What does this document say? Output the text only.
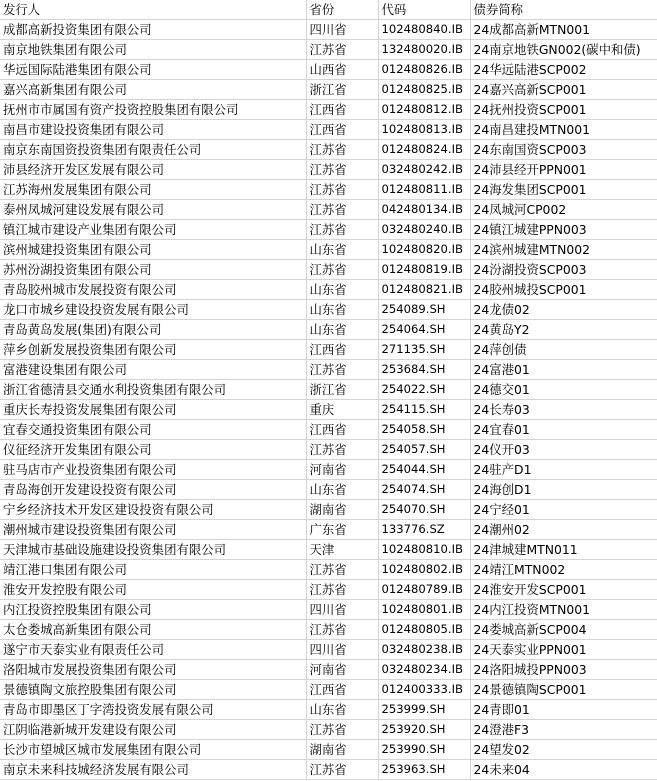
发行人	省份	代码	债券简称
成都高新投资集团有限公司	四川省	102480840.IB	24成都高新MTN001
南京地铁集团有限公司	江苏省	132480020.IB	24南京地铁GN002(碳中和债)
华远国际陆港集团有限公司	山西省	012480826.IB	24华远陆港SCP002
嘉兴高新集团有限公司	浙江省	012480825.IB	24嘉兴高新SCP001
抚州市市属国有资产投资控股集团有限公司	江西省	012480812.IB	24抚州投资SCP001
南昌市建设投资集团有限公司	江西省	102480813.IB	24南昌建投MTN001
南京东南国资投资集团有限责任公司	江苏省	012480824.IB	24东南国资SCP003
沛县经济开发区发展有限公司	江苏省	032480242.IB	24沛县经开PPN001
江苏海州发展集团有限公司	江苏省	012480811.IB	24海发集团SCP001
泰州凤城河建设发展有限公司	江苏省	042480134.IB	24凤城河CP002
镇江城市建设产业集团有限公司	江苏省	032480240.IB	24镇江城建PPN003
滨州城建投资集团有限公司	山东省	102480820.IB	24滨州城建MTN002
苏州汾湖投资集团有限公司	江苏省	012480819.IB	24汾湖投资SCP003
青岛胶州城市发展投资有限公司	山东省	012480821.IB	24胶州城投SCP001
龙口市城乡建设投资发展有限公司	山东省	254089.SH	24龙债02
青岛黄岛发展(集团)有限公司	山东省	254064.SH	24黄岛Y2
萍乡创新发展投资集团有限公司	江西省	271135.SH	24萍创债
富港建设集团有限公司	江苏省	253684.SH	24富港01
浙江省德清县交通水利投资集团有限公司	浙江省	254022.SH	24德交01
重庆长寿投资发展集团有限公司	重庆	254115.SH	24长寿03
宜春交通投资集团有限公司	江西省	254058.SH	24宜春01
仪征经济开发集团有限公司	江苏省	254057.SH	24仪开03
驻马店市产业投资集团有限公司	河南省	254044.SH	24驻产D1
青岛海创开发建设投资有限公司	山东省	254074.SH	24海创D1
宁乡经济技术开发区建设投资有限公司	湖南省	254070.SH	24宁经01
潮州城市建设投资集团有限公司	广东省	133776.SZ	24潮州02
天津城市基础设施建设投资集团有限公司	天津	102480810.IB	24津城建MTN011
靖江港口集团有限公司	江苏省	102480802.IB	24靖江MTN002
淮安开发控股有限公司	江苏省	012480789.IB	24淮安开发SCP001
内江投资控股集团有限公司	四川省	102480801.IB	24内江投资MTN001
太仓娄城高新集团有限公司	江苏省	012480805.IB	24娄城高新SCP004
遂宁市天泰实业有限责任公司	四川省	032480238.IB	24天泰实业PPN001
洛阳城市发展投资集团有限公司	河南省	032480234.IB	24洛阳城投PPN003
景德镇陶文旅控股集团有限公司	江西省	012400333.IB	24景德镇陶SCP001
青岛市即墨区丁字湾投资发展有限公司	山东省	253999.SH	24青即01
江阴临港新城开发建设有限公司	江苏省	253920.SH	24澄港F3
长沙市望城区城市发展集团有限公司	湖南省	253990.SH	24望发02
南京未来科技城经济发展有限公司	江苏省	253963.SH	24未来04
